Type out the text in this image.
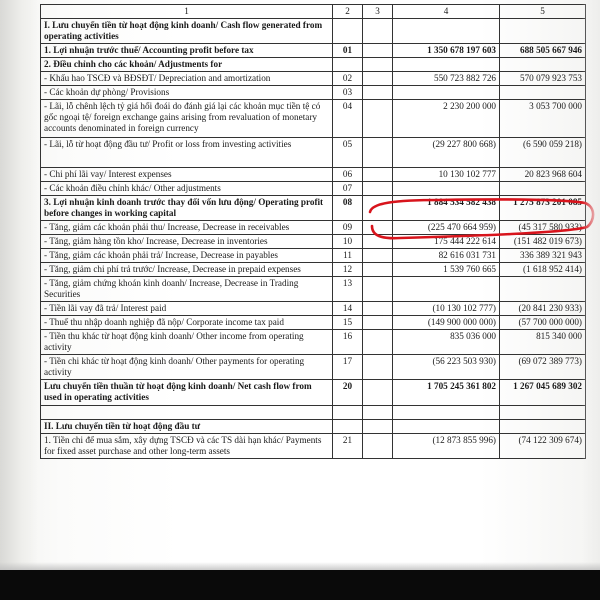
1	2	3	4	5
I. Lưu chuyển tiền từ hoạt động kinh doanh/ Cash flow generated from operating activities				
1. Lợi nhuận trước thuế/ Accounting profit before tax	01		1 350 678 197 603	688 505 667 946
2. Điều chỉnh cho các khoản/ Adjustments for				
- Khấu hao TSCĐ và BĐSĐT/ Depreciation and amortization	02		550 723 882 726	570 079 923 753
- Các khoản dự phòng/ Provisions	03			
- Lãi, lỗ chênh lệch tỷ giá hối đoái do đánh giá lại các khoản mục tiền tệ có gốc ngoại tệ/ foreign exchange gains arising from revaluation of monetary accounts denominated in foreign currency	04		2 230 200 000	3 053 700 000
- Lãi, lỗ từ hoạt động đầu tư/ Profit or loss from investing activities	05		(29 227 800 668)	(6 590 059 218)
- Chi phí lãi vay/ Interest expenses	06		10 130 102 777	20 823 968 604
- Các khoản điều chỉnh khác/ Other adjustments	07			
3. Lợi nhuận kinh doanh trước thay đổi vốn lưu động/ Operating profit before changes in working capital	08		1 884 534 582 438	1 275 873 201 085
- Tăng, giảm các khoản phải thu/ Increase, Decrease in receivables	09		(225 470 664 959)	(45 317 580 933)
- Tăng, giảm hàng tồn kho/ Increase, Decrease in inventories	10		175 444 222 614	(151 482 019 673)
- Tăng, giảm các khoản phải trả/ Increase, Decrease in payables	11		82 616 031 731	336 389 321 943
- Tăng, giảm chi phí trả trước/ Increase, Decrease in prepaid expenses	12		1 539 760 665	(1 618 952 414)
- Tăng, giảm chứng khoán kinh doanh/ Increase, Decrease in Trading Securities	13			
- Tiền lãi vay đã trả/ Interest paid	14		(10 130 102 777)	(20 841 230 933)
- Thuế thu nhập doanh nghiệp đã nộp/ Corporate income tax paid	15		(149 900 000 000)	(57 700 000 000)
- Tiền thu khác từ hoạt động kinh doanh/ Other income from operating activity	16		835 036 000	815 340 000
- Tiền chi khác từ hoạt động kinh doanh/ Other payments for operating activity	17		(56 223 503 930)	(69 072 389 773)
Lưu chuyển tiền thuần từ hoạt động kinh doanh/ Net cash flow from used in operating activities	20		1 705 245 361 802	1 267 045 689 302

II. Lưu chuyển tiền từ hoạt động đầu tư				
1. Tiền chi để mua sắm, xây dựng TSCĐ và các TS dài hạn khác/ Payments for fixed asset purchase and other long-term assets	21		(12 873 855 996)	(74 122 309 674)
